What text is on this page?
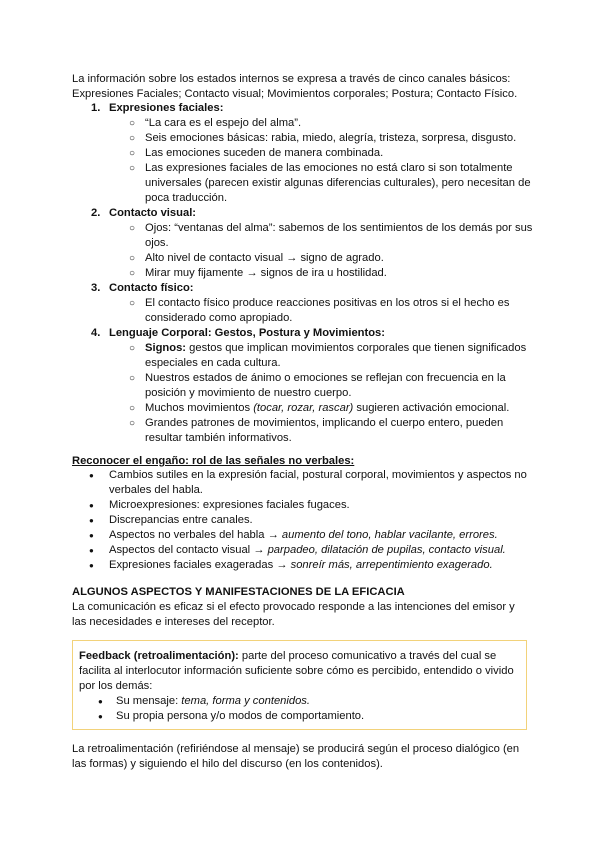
La información sobre los estados internos se expresa a través de cinco canales básicos: Expresiones Faciales; Contacto visual; Movimientos corporales; Postura; Contacto Físico.

1. Expresiones faciales:
○ “La cara es el espejo del alma”.
○ Seis emociones básicas: rabia, miedo, alegría, tristeza, sorpresa, disgusto.
○ Las emociones suceden de manera combinada.
○ Las expresiones faciales de las emociones no está claro si son totalmente universales (parecen existir algunas diferencias culturales), pero necesitan de poca traducción.
2. Contacto visual:
○ Ojos: “ventanas del alma”: sabemos de los sentimientos de los demás por sus ojos.
○ Alto nivel de contacto visual → signo de agrado.
○ Mirar muy fijamente → signos de ira u hostilidad.
3. Contacto físico:
○ El contacto físico produce reacciones positivas en los otros si el hecho es considerado como apropiado.
4. Lenguaje Corporal: Gestos, Postura y Movimientos:
○ Signos: gestos que implican movimientos corporales que tienen significados especiales en cada cultura.
○ Nuestros estados de ánimo o emociones se reflejan con frecuencia en la posición y movimiento de nuestro cuerpo.
○ Muchos movimientos (tocar, rozar, rascar) sugieren activación emocional.
○ Grandes patrones de movimientos, implicando el cuerpo entero, pueden resultar también informativos.

Reconocer el engaño: rol de las señales no verbales:

● Cambios sutiles en la expresión facial, postural corporal, movimientos y aspectos no verbales del habla.
● Microexpresiones: expresiones faciales fugaces.
● Discrepancias entre canales.
● Aspectos no verbales del habla → aumento del tono, hablar vacilante, errores.
● Aspectos del contacto visual → parpadeo, dilatación de pupilas, contacto visual.
● Expresiones faciales exageradas → sonreír más, arrepentimiento exagerado.

ALGUNOS ASPECTOS Y MANIFESTACIONES DE LA EFICACIA

La comunicación es eficaz si el efecto provocado responde a las intenciones del emisor y las necesidades e intereses del receptor.

Feedback (retroalimentación): parte del proceso comunicativo a través del cual se facilita al interlocutor información suficiente sobre cómo es percibido, entendido o vivido por los demás:

● Su mensaje: tema, forma y contenidos.
● Su propia persona y/o modos de comportamiento.

La retroalimentación (refiriéndose al mensaje) se producirá según el proceso dialógico (en las formas) y siguiendo el hilo del discurso (en los contenidos).
